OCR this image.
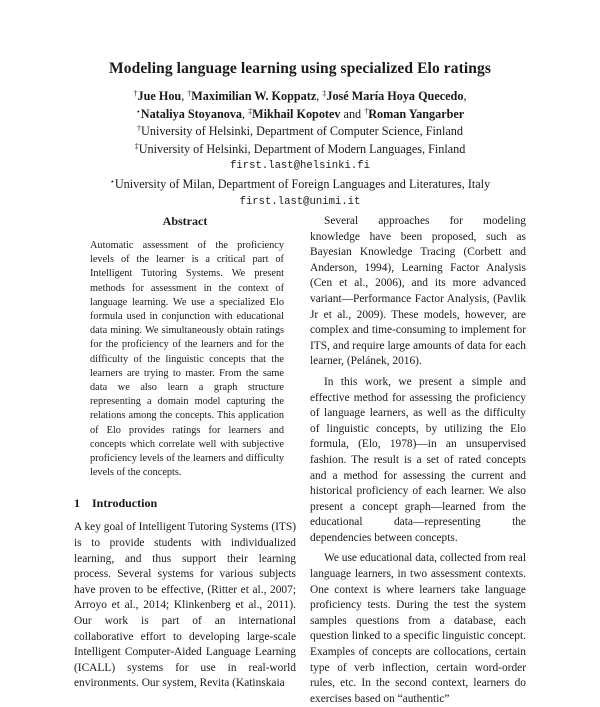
Modeling language learning using specialized Elo ratings
†Jue Hou, †Maximilian W. Koppatz, ‡José María Hoya Quecedo,
⋆Nataliya Stoyanova, ‡Mikhail Kopotev and †Roman Yangarber
†University of Helsinki, Department of Computer Science, Finland
‡University of Helsinki, Department of Modern Languages, Finland
first.last@helsinki.fi
⋆University of Milan, Department of Foreign Languages and Literatures, Italy
first.last@unimi.it
Abstract
Automatic assessment of the proficiency levels of the learner is a critical part of Intelligent Tutoring Systems. We present methods for assessment in the context of language learning. We use a specialized Elo formula used in conjunction with educational data mining. We simultaneously obtain ratings for the proficiency of the learners and for the difficulty of the linguistic concepts that the learners are trying to master. From the same data we also learn a graph structure representing a domain model capturing the relations among the concepts. This application of Elo provides ratings for learners and concepts which correlate well with subjective proficiency levels of the learners and difficulty levels of the concepts.
1 Introduction

A key goal of Intelligent Tutoring Systems (ITS) is to provide students with individualized learning, and thus support their learning process. Several systems for various subjects have proven to be effective, (Ritter et al., 2007; Arroyo et al., 2014; Klinkenberg et al., 2011). Our work is part of an international collaborative effort to developing large-scale Intelligent Computer-Aided Language Learning (ICALL) systems for use in real-world environments. Our system, Revita (Katinskaia

Several approaches for modeling knowledge have been proposed, such as Bayesian Knowledge Tracing (Corbett and Anderson, 1994), Learning Factor Analysis (Cen et al., 2006), and its more advanced variant—Performance Factor Analysis, (Pavlik Jr et al., 2009). These models, however, are complex and time-consuming to implement for ITS, and require large amounts of data for each learner, (Pelánek, 2016).

In this work, we present a simple and effective method for assessing the proficiency of language learners, as well as the difficulty of linguistic concepts, by utilizing the Elo formula, (Elo, 1978)—in an unsupervised fashion. The result is a set of rated concepts and a method for assessing the current and historical proficiency of each learner. We also present a concept graph—learned from the educational data—representing the dependencies between concepts.

We use educational data, collected from real language learners, in two assessment contexts. One context is where learners take language proficiency tests. During the test the system samples questions from a database, each question linked to a specific linguistic concept. Examples of concepts are collocations, certain type of verb inflection, certain word-order rules, etc. In the second context, learners do exercises based on “authentic”
